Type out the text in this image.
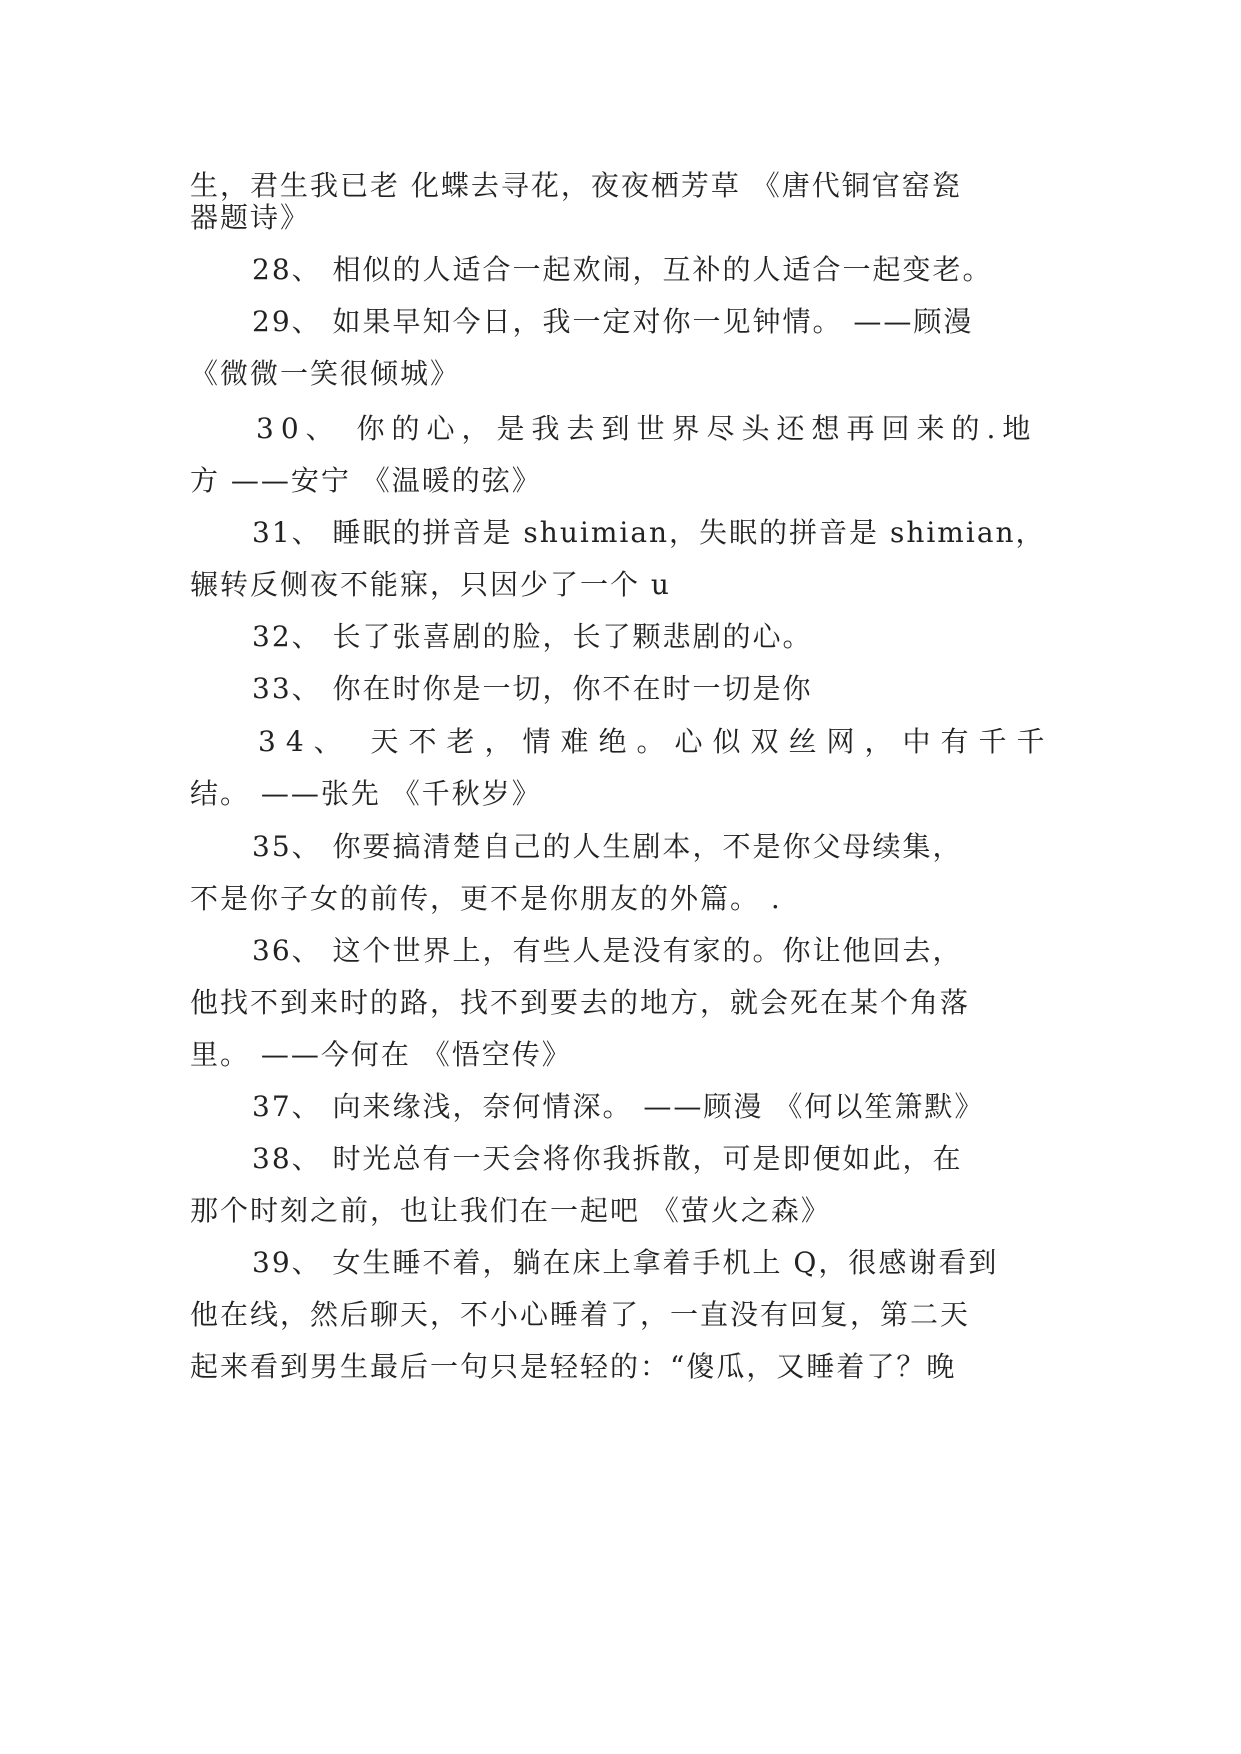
生，君生我已老 化蝶去寻花，夜夜栖芳草 《唐代铜官窑瓷
器题诗》
28、 相似的人适合一起欢闹，互补的人适合一起变老。
29、 如果早知今日，我一定对你一见钟情。 ——顾漫
《微微一笑很倾城》
30、 你的心，是我去到世界尽头还想再回来的.地
方 ——安宁 《温暖的弦》
31、 睡眠的拼音是 shuimian，失眠的拼音是 shimian，
辗转反侧夜不能寐，只因少了一个 u
32、 长了张喜剧的脸，长了颗悲剧的心。
33、 你在时你是一切，你不在时一切是你
34、 天不老，情难绝。心似双丝网，中有千千
结。 ——张先 《千秋岁》
35、 你要搞清楚自己的人生剧本，不是你父母续集，
不是你子女的前传，更不是你朋友的外篇。 .
36、 这个世界上，有些人是没有家的。你让他回去，
他找不到来时的路，找不到要去的地方，就会死在某个角落
里。 ——今何在 《悟空传》
37、 向来缘浅，奈何情深。 ——顾漫 《何以笙箫默》
38、 时光总有一天会将你我拆散，可是即便如此，在
那个时刻之前，也让我们在一起吧 《萤火之森》
39、 女生睡不着，躺在床上拿着手机上 Q，很感谢看到
他在线，然后聊天，不小心睡着了，一直没有回复，第二天
起来看到男生最后一句只是轻轻的：“傻瓜，又睡着了？晚
